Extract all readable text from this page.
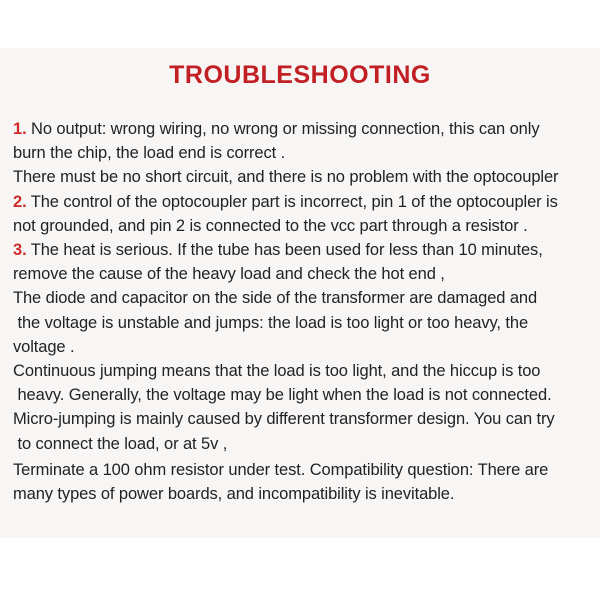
TROUBLESHOOTING
1. No output: wrong wiring, no wrong or missing connection, this can only
burn the chip, the load end is correct .
There must be no short circuit, and there is no problem with the optocoupler
2. The control of the optocoupler part is incorrect, pin 1 of the optocoupler is
not grounded, and pin 2 is connected to the vcc part through a resistor .
3. The heat is serious. If the tube has been used for less than 10 minutes,
remove the cause of the heavy load and check the hot end ,
The diode and capacitor on the side of the transformer are damaged and
the voltage is unstable and jumps: the load is too light or too heavy, the
voltage .
Continuous jumping means that the load is too light, and the hiccup is too
heavy. Generally, the voltage may be light when the load is not connected.
Micro-jumping is mainly caused by different transformer design. You can try
to connect the load, or at 5v ,
Terminate a 100 ohm resistor under test. Compatibility question: There are
many types of power boards, and incompatibility is inevitable.
